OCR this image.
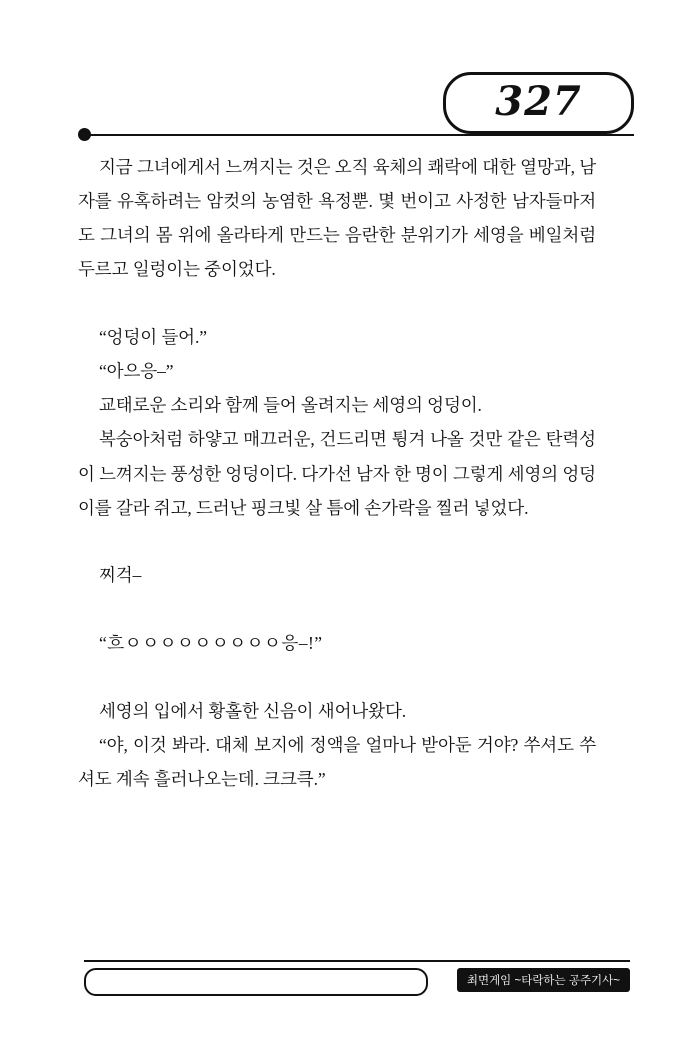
327

지금 그녀에게서 느껴지는 것은 오직 육체의 쾌락에 대한 열망과, 남자를 유혹하려는 암컷의 농염한 욕정뿐. 몇 번이고 사정한 남자들마저도 그녀의 몸 위에 올라타게 만드는 음란한 분위기가 세영을 베일처럼 두르고 일렁이는 중이었다.

“엉덩이 들어.”

“아으응–”

교태로운 소리와 함께 들어 올려지는 세영의 엉덩이.

복숭아처럼 하얗고 매끄러운, 건드리면 튕겨 나올 것만 같은 탄력성이 느껴지는 풍성한 엉덩이다. 다가선 남자 한 명이 그렇게 세영의 엉덩이를 갈라 쥐고, 드러난 핑크빛 살 틈에 손가락을 찔러 넣었다.

찌걱–

“흐ㅇㅇㅇㅇㅇㅇㅇㅇㅇ응–!”

세영의 입에서 황홀한 신음이 새어나왔다.

“야, 이것 봐라. 대체 보지에 정액을 얼마나 받아둔 거야? 쑤셔도 쑤셔도 계속 흘러나오는데. 크크큭.”

최면게임 ~타락하는 공주기사~
